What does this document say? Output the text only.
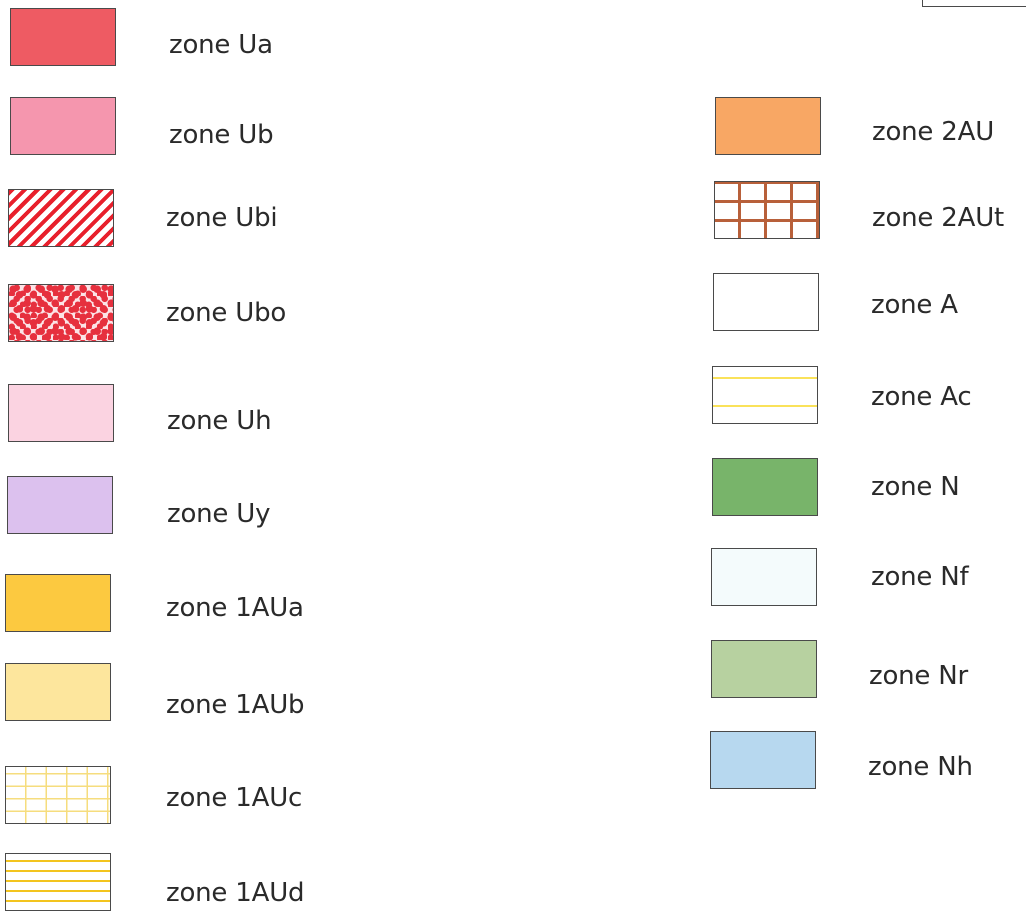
zone Ua
zone Ub
zone Ubi
zone Ubo
zone Uh
zone Uy
zone 1AUa
zone 1AUb
zone 1AUc
zone 1AUd
zone 2AU
zone 2AUt
zone A
zone Ac
zone N
zone Nf
zone Nr
zone Nh
